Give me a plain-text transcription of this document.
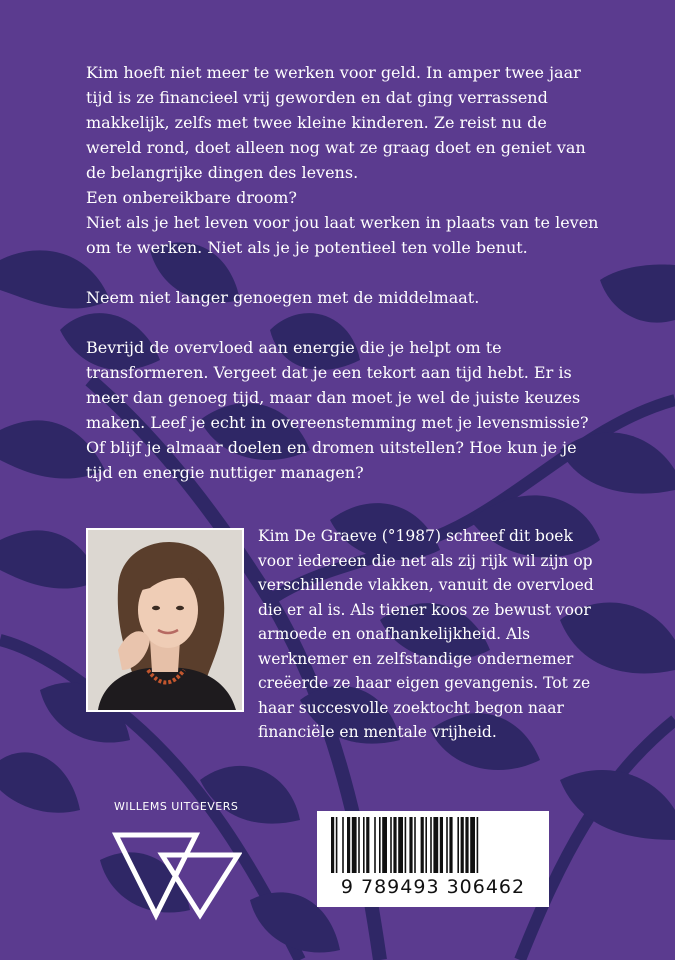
Kim hoeft niet meer te werken voor geld. In amper twee jaar tijd is ze financieel vrij geworden en dat ging verrassend makkelijk, zelfs met twee kleine kinderen. Ze reist nu de wereld rond, doet alleen nog wat ze graag doet en geniet van de belangrijke dingen des levens.

Een onbereikbare droom?

Niet als je het leven voor jou laat werken in plaats van te leven om te werken. Niet als je je potentieel ten volle benut.

Neem niet langer genoegen met de middelmaat.

Bevrijd de overvloed aan energie die je helpt om te transformeren. Vergeet dat je een tekort aan tijd hebt. Er is meer dan genoeg tijd, maar dan moet je wel de juiste keuzes maken. Leef je echt in overeenstemming met je levensmissie? Of blijf je almaar doelen en dromen uitstellen? Hoe kun je je tijd en energie nuttiger managen?

Kim De Graeve (°1987) schreef dit boek voor iedereen die net als zij rijk wil zijn op verschillende vlakken, vanuit de overvloed die er al is. Als tiener koos ze bewust voor armoede en onafhankelijkheid. Als werknemer en zelfstandige ondernemer creëerde ze haar eigen gevangenis. Tot ze haar succesvolle zoektocht begon naar financiële en mentale vrijheid.
WILLEMS UITGEVERS
9 789493 306462
